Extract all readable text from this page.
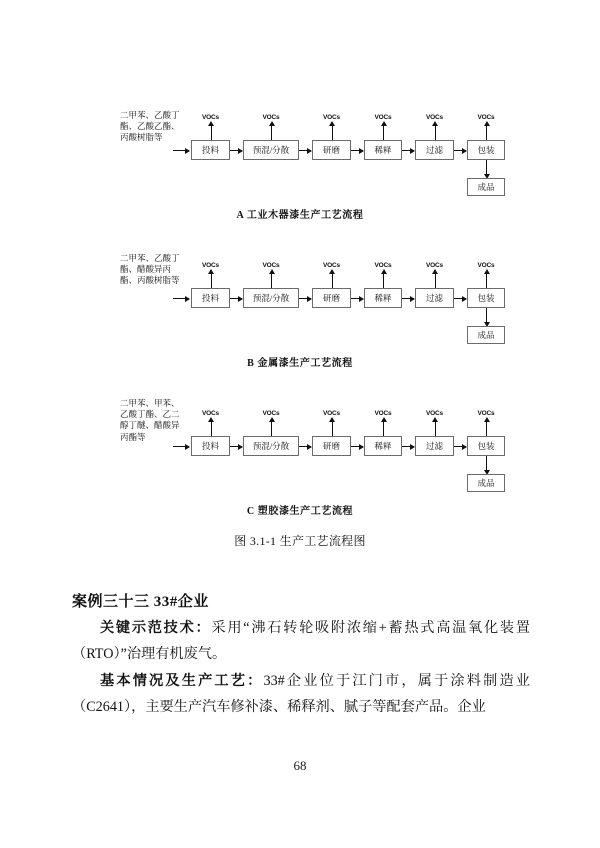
二甲苯、乙酸丁酯、乙酸乙酯、丙酸树脂等
投料
VOCs
预混/分散
VOCs
研磨
VOCs
稀释
VOCs
过滤
VOCs
包装
VOCs
成品
A 工业木器漆生产工艺流程
二甲苯、乙酸丁酯、醋酸异丙酯、丙酸树脂等
投料
VOCs
预混/分散
VOCs
研磨
VOCs
稀释
VOCs
过滤
VOCs
包装
VOCs
成品
B 金属漆生产工艺流程
二甲苯、甲苯、乙酸丁酯、乙二醇丁醚、醋酸异丙酯等
投料
VOCs
预混/分散
VOCs
研磨
VOCs
稀释
VOCs
过滤
VOCs
包装
VOCs
成品
C 塑胶漆生产工艺流程
图 3.1-1 生产工艺流程图
案例三十三 33#企业
关键示范技术：采用“沸石转轮吸附浓缩+蓄热式高温氧化装置（RTO）”治理有机废气。
基本情况及生产工艺：33#企业位于江门市，属于涂料制造业（C2641），主要生产汽车修补漆、稀释剂、腻子等配套产品。企业
68
